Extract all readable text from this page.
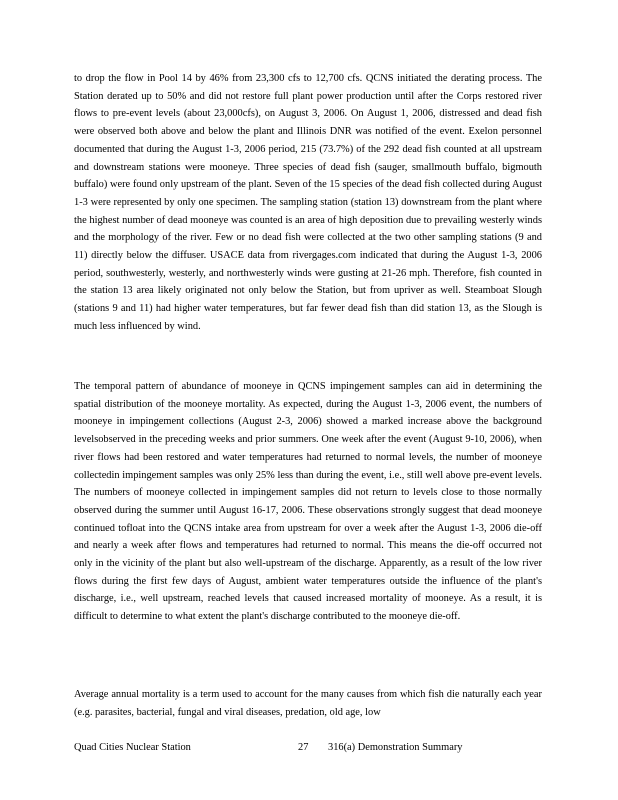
to drop the flow in Pool 14 by 46% from 23,300 cfs to 12,700 cfs. QCNS initiated the derating process. The Station derated up to 50% and did not restore full plant power production until after the Corps restored river flows to pre-event levels (about 23,000cfs), on August 3, 2006. On August 1, 2006, distressed and dead fish were observed both above and below the plant and Illinois DNR was notified of the event. Exelon personnel documented that during the August 1-3, 2006 period, 215 (73.7%) of the 292 dead fish counted at all upstream and downstream stations were mooneye. Three species of dead fish (sauger, smallmouth buffalo, bigmouth buffalo) were found only upstream of the plant. Seven of the 15 species of the dead fish collected during August 1-3 were represented by only one specimen. The sampling station (station 13) downstream from the plant where the highest number of dead mooneye was counted is an area of high deposition due to prevailing westerly winds and the morphology of the river. Few or no dead fish were collected at the two other sampling stations (9 and 11) directly below the diffuser. USACE data from rivergages.com indicated that during the August 1-3, 2006 period, southwesterly, westerly, and northwesterly winds were gusting at 21-26 mph. Therefore, fish counted in the station 13 area likely originated not only below the Station, but from upriver as well. Steamboat Slough (stations 9 and 11) had higher water temperatures, but far fewer dead fish than did station 13, as the Slough is much less influenced by wind.

The temporal pattern of abundance of mooneye in QCNS impingement samples can aid in determining the spatial distribution of the mooneye mortality. As expected, during the August 1-3, 2006 event, the numbers of mooneye in impingement collections (August 2-3, 2006) showed a marked increase above the background levelsobserved in the preceding weeks and prior summers. One week after the event (August 9-10, 2006), when river flows had been restored and water temperatures had returned to normal levels, the number of mooneye collectedin impingement samples was only 25% less than during the event, i.e., still well above pre-event levels. The numbers of mooneye collected in impingement samples did not return to levels close to those normally observed during the summer until August 16-17, 2006. These observations strongly suggest that dead mooneye continued tofloat into the QCNS intake area from upstream for over a week after the August 1-3, 2006 die-off and nearly a week after flows and temperatures had returned to normal. This means the die-off occurred not only in the vicinity of the plant but also well-upstream of the discharge. Apparently, as a result of the low river flows during the first few days of August, ambient water temperatures outside the influence of the plant's discharge, i.e., well upstream, reached levels that caused increased mortality of mooneye. As a result, it is difficult to determine to what extent the plant's discharge contributed to the mooneye die-off.

Average annual mortality is a term used to account for the many causes from which fish die naturally each year (e.g. parasites, bacterial, fungal and viral diseases, predation, old age, low

Quad Cities Nuclear Station	27 316(a) Demonstration Summary
